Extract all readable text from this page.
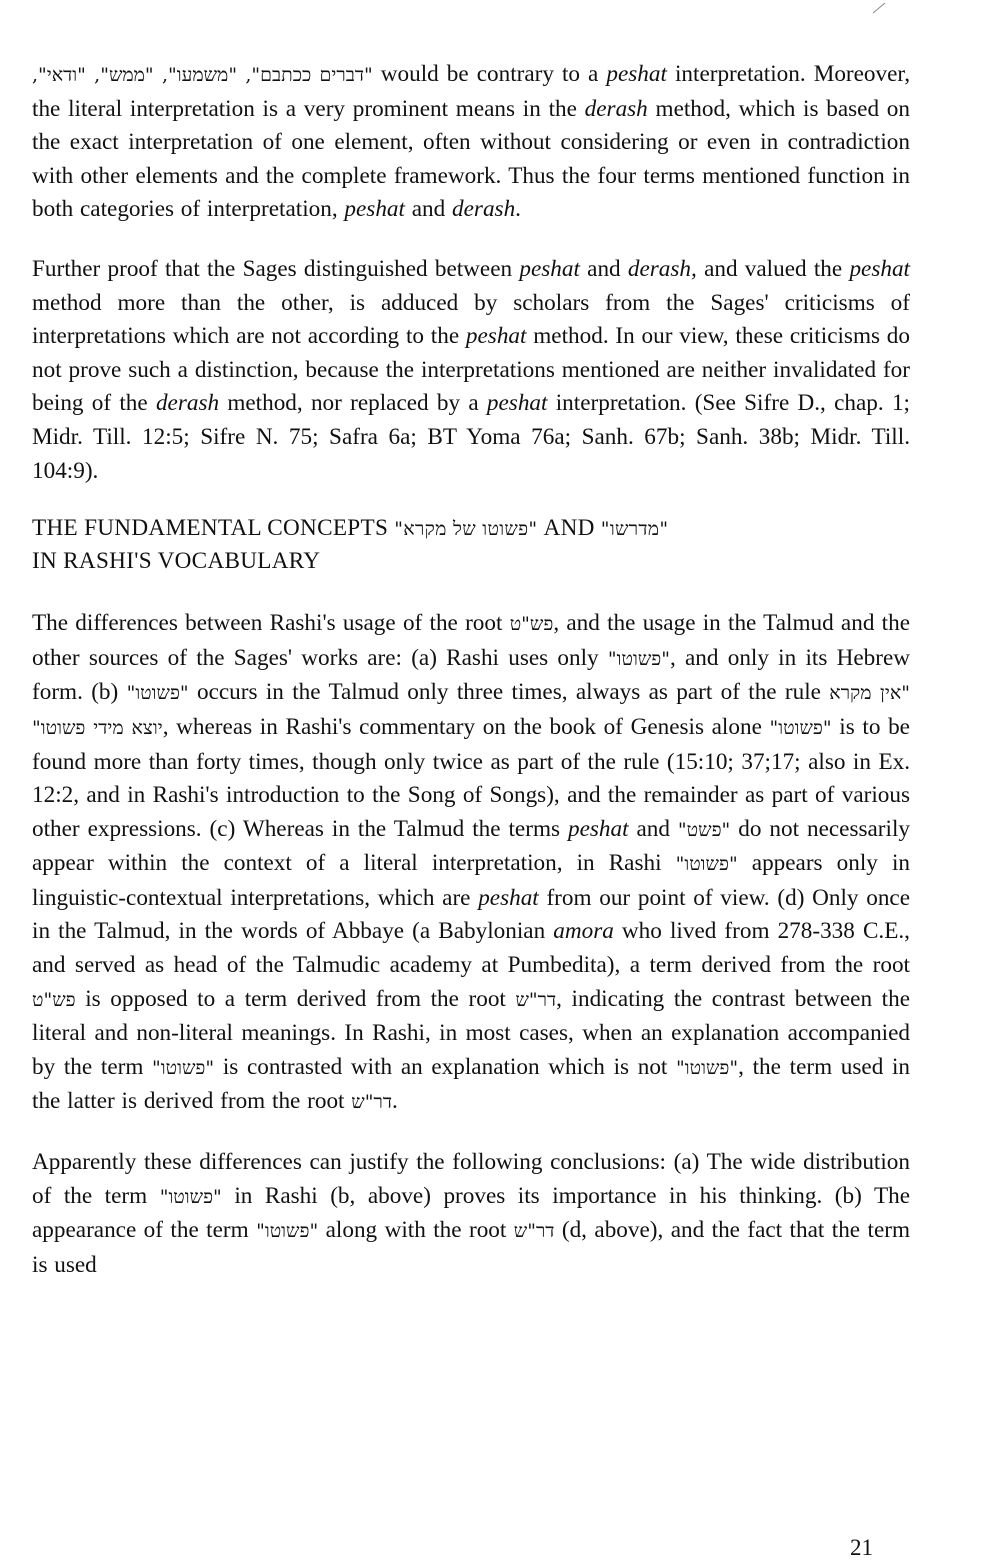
"דברים ככתבם", "משמעו", "ממש", "ודאי", would be contrary to a peshat interpretation. Moreover, the literal interpretation is a very prominent means in the derash method, which is based on the exact interpretation of one element, often without considering or even in contradiction with other elements and the complete framework. Thus the four terms mentioned function in both categories of interpretation, peshat and derash.

Further proof that the Sages distinguished between peshat and derash, and valued the peshat method more than the other, is adduced by scholars from the Sages' criticisms of interpretations which are not according to the peshat method. In our view, these criticisms do not prove such a distinction, because the interpretations mentioned are neither invalidated for being of the derash method, nor replaced by a peshat interpretation. (See Sifre D., chap. 1; Midr. Till. 12:5; Sifre N. 75; Safra 6a; BT Yoma 76a; Sanh. 67b; Sanh. 38b; Midr. Till. 104:9).

THE FUNDAMENTAL CONCEPTS "פשוטו של מקרא" AND "מדרשו"
IN RASHI'S VOCABULARY

The differences between Rashi's usage of the root פש"ט, and the usage in the Talmud and the other sources of the Sages' works are: (a) Rashi uses only "פשוטו", and only in its Hebrew form. (b) "פשוטו" occurs in the Talmud only three times, always as part of the rule "אין מקרא יוצא מידי פשוטו", whereas in Rashi's commentary on the book of Genesis alone "פשוטו" is to be found more than forty times, though only twice as part of the rule (15:10; 37;17; also in Ex. 12:2, and in Rashi's introduction to the Song of Songs), and the remainder as part of various other expressions. (c) Whereas in the Talmud the terms peshat and "פשט" do not necessarily appear within the context of a literal interpretation, in Rashi "פשוטו" appears only in linguistic-contextual interpretations, which are peshat from our point of view. (d) Only once in the Talmud, in the words of Abbaye (a Babylonian amora who lived from 278-338 C.E., and served as head of the Talmudic academy at Pumbedita), a term derived from the root פש"ט is opposed to a term derived from the root דר"ש, indicating the contrast between the literal and non-literal meanings. In Rashi, in most cases, when an explanation accompanied by the term "פשוטו" is contrasted with an explanation which is not "פשוטו", the term used in the latter is derived from the root דר"ש.

Apparently these differences can justify the following conclusions: (a) The wide distribution of the term "פשוטו" in Rashi (b, above) proves its importance in his thinking. (b) The appearance of the term "פשוטו" along with the root דר"ש (d, above), and the fact that the term is used

21
